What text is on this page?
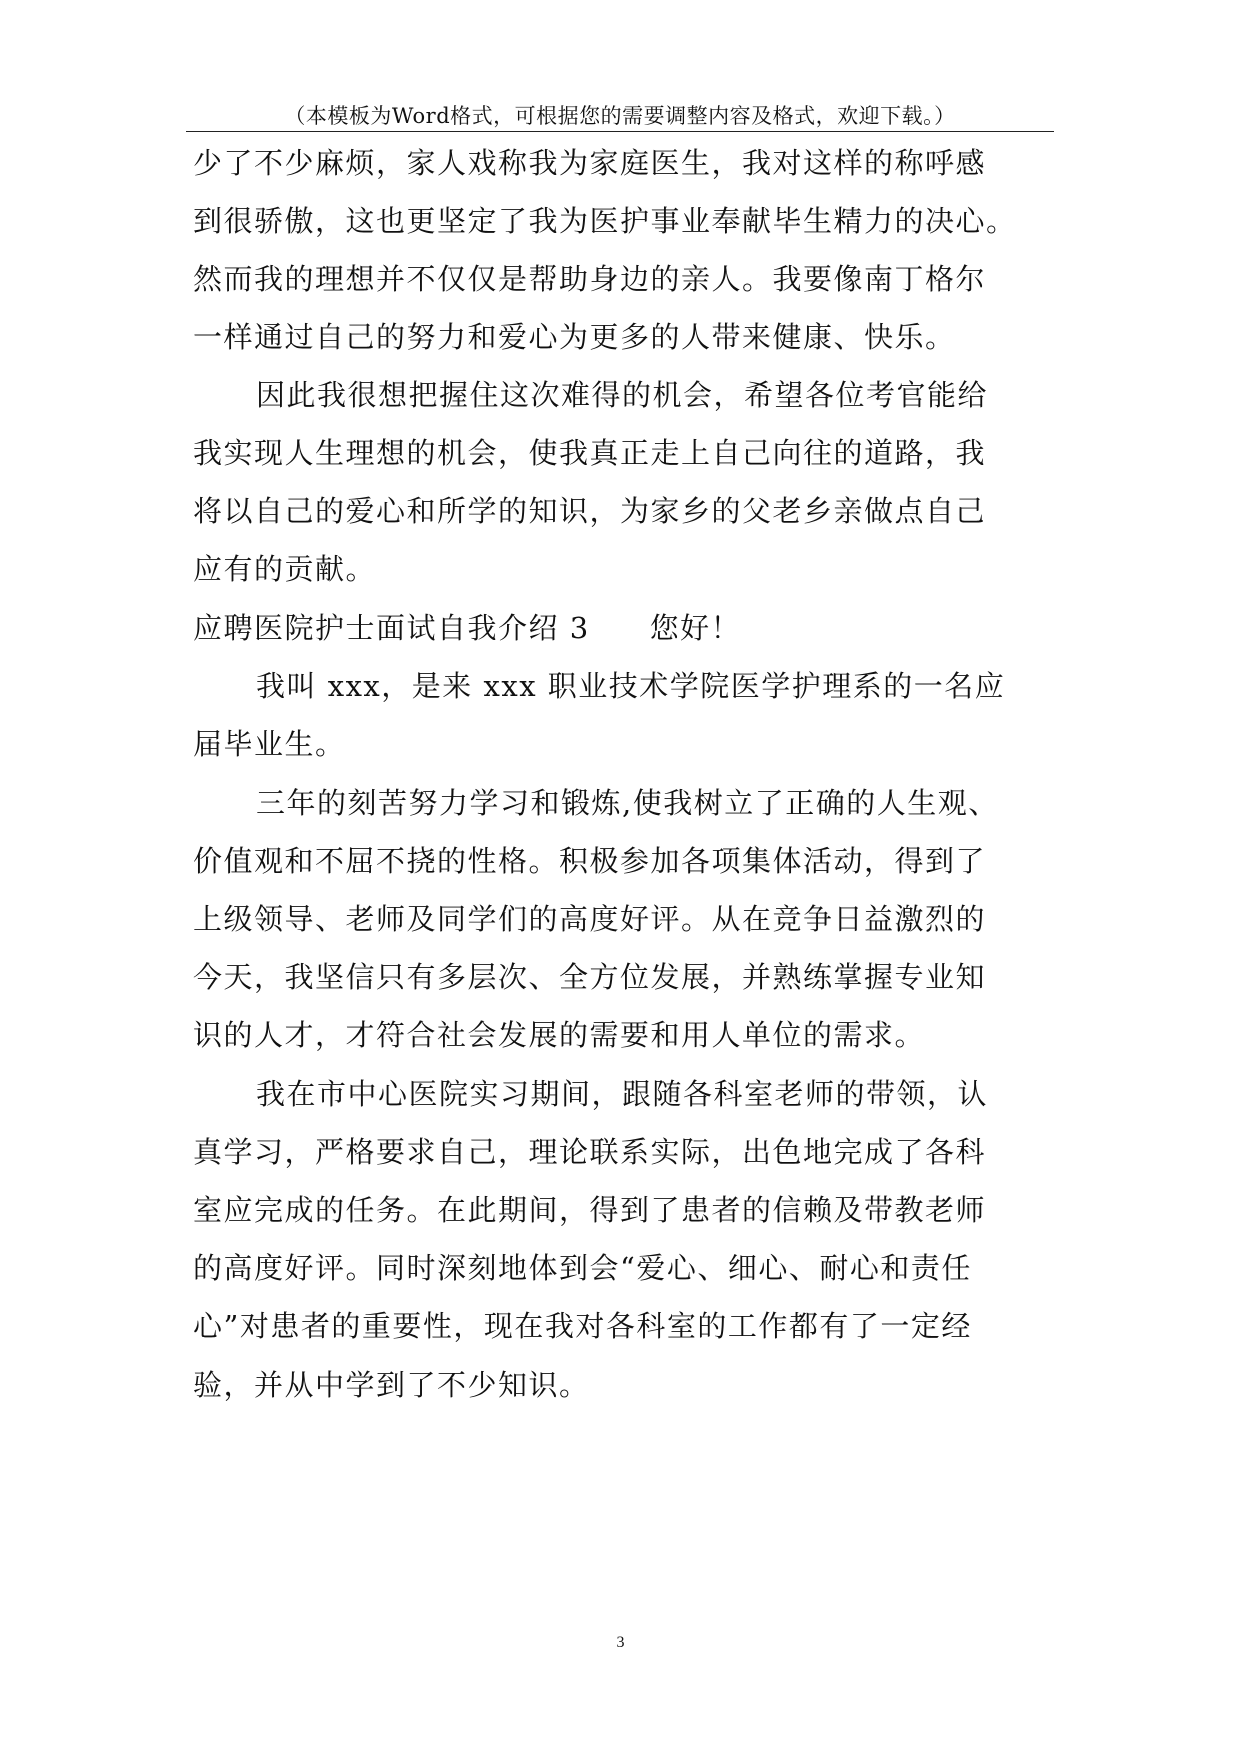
（本模板为Word格式，可根据您的需要调整内容及格式，欢迎下载。）
少了不少麻烦，家人戏称我为家庭医生，我对这样的称呼感
到很骄傲，这也更坚定了我为医护事业奉献毕生精力的决心。
然而我的理想并不仅仅是帮助身边的亲人。我要像南丁格尔
一样通过自己的努力和爱心为更多的人带来健康、快乐。
因此我很想把握住这次难得的机会，希望各位考官能给
我实现人生理想的机会，使我真正走上自己向往的道路，我
将以自己的爱心和所学的知识，为家乡的父老乡亲做点自己
应有的贡献。
应聘医院护士面试自我介绍 3 您好！
我叫 xxx，是来 xxx 职业技术学院医学护理系的一名应
届毕业生。
三年的刻苦努力学习和锻炼,使我树立了正确的人生观、
价值观和不屈不挠的性格。积极参加各项集体活动，得到了
上级领导、老师及同学们的高度好评。从在竞争日益激烈的
今天，我坚信只有多层次、全方位发展，并熟练掌握专业知
识的人才，才符合社会发展的需要和用人单位的需求。
我在市中心医院实习期间，跟随各科室老师的带领，认
真学习，严格要求自己，理论联系实际，出色地完成了各科
室应完成的任务。在此期间，得到了患者的信赖及带教老师
的高度好评。同时深刻地体到会“爱心、细心、耐心和责任
心”对患者的重要性，现在我对各科室的工作都有了一定经
验，并从中学到了不少知识。
3
